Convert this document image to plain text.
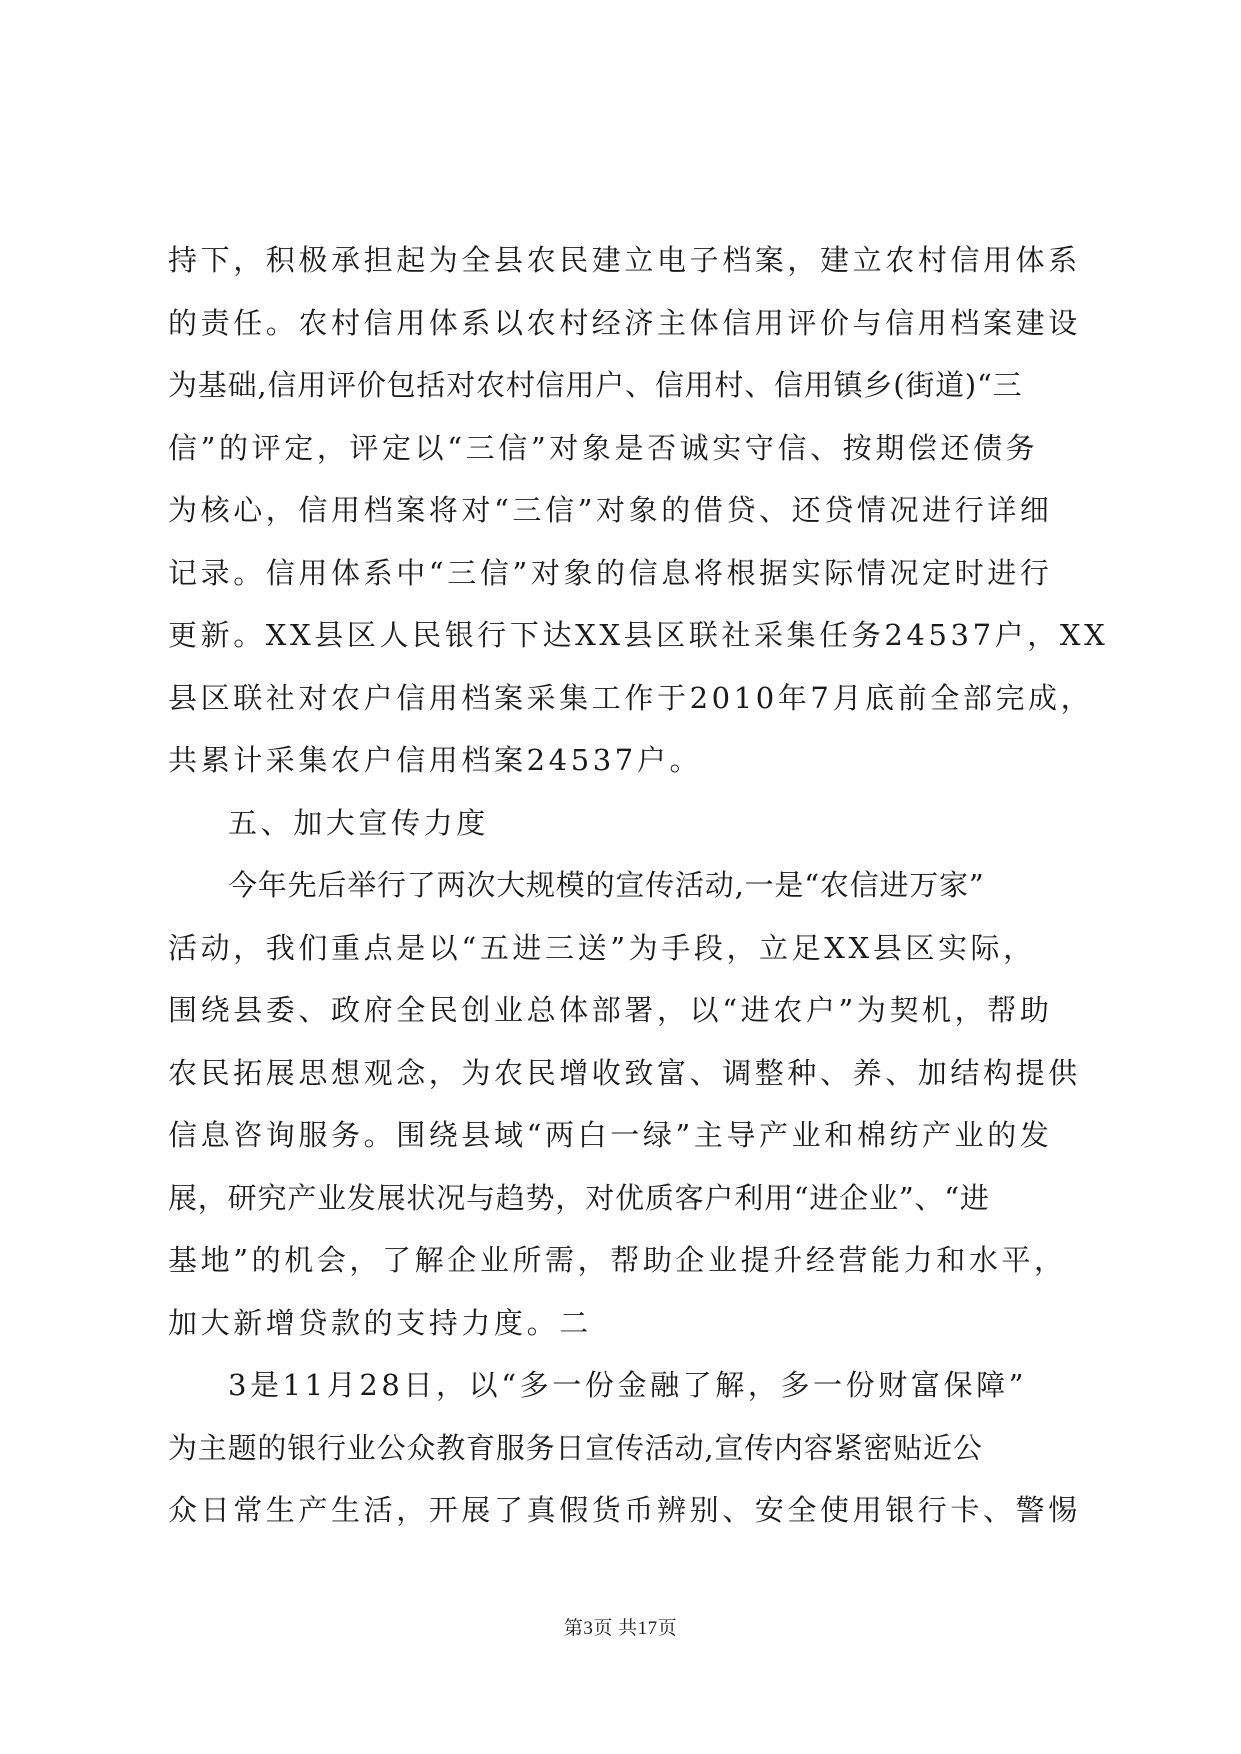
持下，积极承担起为全县农民建立电子档案，建立农村信用体系
的责任。农村信用体系以农村经济主体信用评价与信用档案建设
为基础,信用评价包括对农村信用户、信用村、信用镇乡(街道)“三
信”的评定，评定以“三信”对象是否诚实守信、按期偿还债务
为核心，信用档案将对“三信”对象的借贷、还贷情况进行详细
记录。信用体系中“三信”对象的信息将根据实际情况定时进行
更新。XX县区人民银行下达XX县区联社采集任务24537户，XX
县区联社对农户信用档案采集工作于2010年7月底前全部完成，
共累计采集农户信用档案24537户。
五、加大宣传力度
今年先后举行了两次大规模的宣传活动,一是“农信进万家”
活动，我们重点是以“五进三送”为手段，立足XX县区实际，
围绕县委、政府全民创业总体部署，以“进农户”为契机，帮助
农民拓展思想观念，为农民增收致富、调整种、养、加结构提供
信息咨询服务。围绕县域“两白一绿”主导产业和棉纺产业的发
展，研究产业发展状况与趋势，对优质客户利用“进企业”、“进
基地”的机会，了解企业所需，帮助企业提升经营能力和水平，
加大新增贷款的支持力度。二
3是11月28日，以“多一份金融了解，多一份财富保障”
为主题的银行业公众教育服务日宣传活动,宣传内容紧密贴近公
众日常生产生活，开展了真假货币辨别、安全使用银行卡、警惕
第3页 共17页
